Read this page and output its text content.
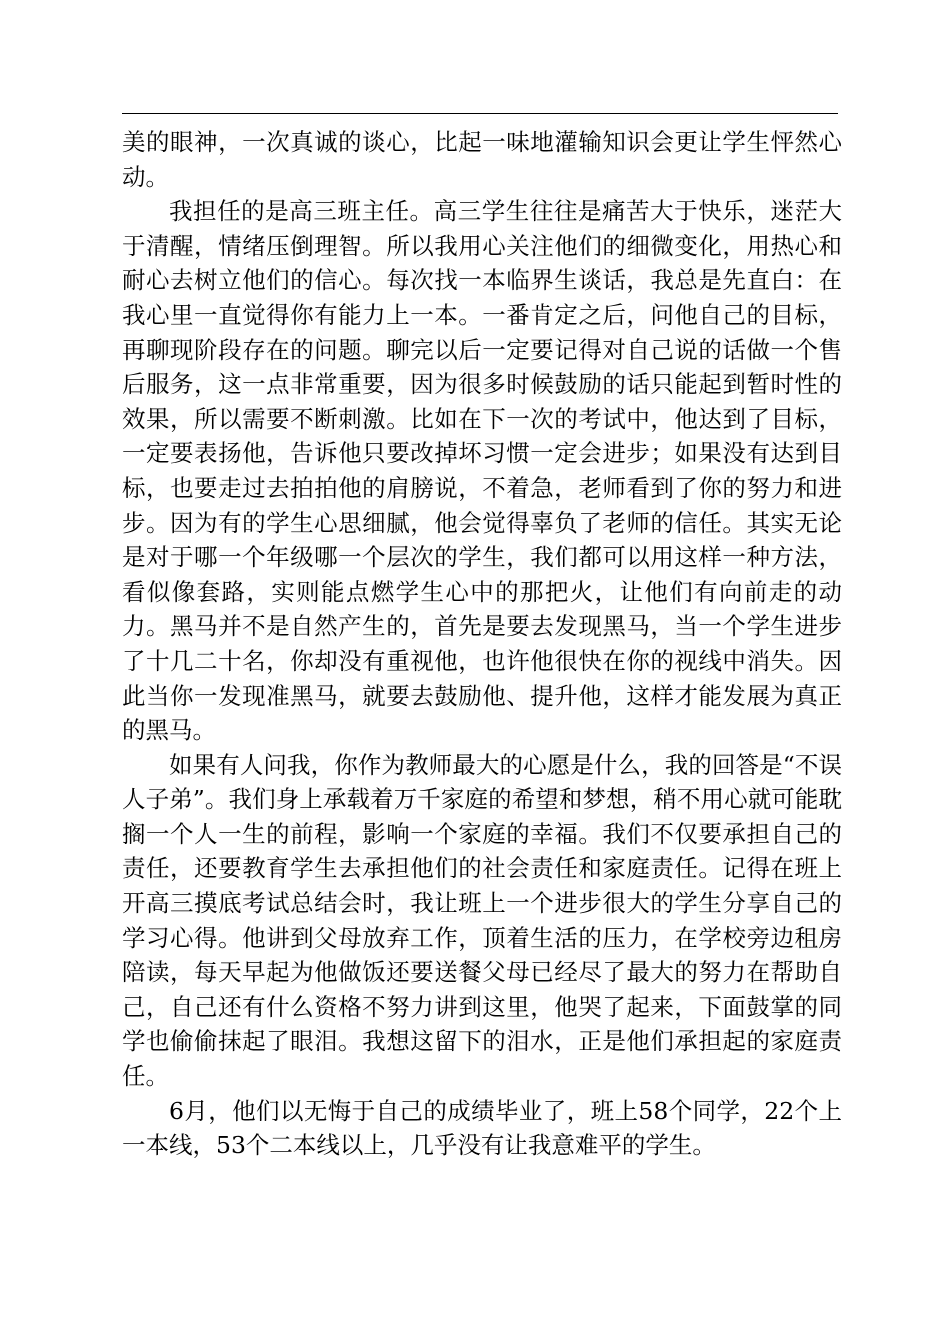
美的眼神，一次真诚的谈心，比起一味地灌输知识会更让学生怦然心动。

我担任的是高三班主任。高三学生往往是痛苦大于快乐，迷茫大于清醒，情绪压倒理智。所以我用心关注他们的细微变化，用热心和耐心去树立他们的信心。每次找一本临界生谈话，我总是先直白：在我心里一直觉得你有能力上一本。一番肯定之后，问他自己的目标，再聊现阶段存在的问题。聊完以后一定要记得对自己说的话做一个售后服务，这一点非常重要，因为很多时候鼓励的话只能起到暂时性的效果，所以需要不断刺激。比如在下一次的考试中，他达到了目标，一定要表扬他，告诉他只要改掉坏习惯一定会进步；如果没有达到目标，也要走过去拍拍他的肩膀说，不着急，老师看到了你的努力和进步。因为有的学生心思细腻，他会觉得辜负了老师的信任。其实无论是对于哪一个年级哪一个层次的学生，我们都可以用这样一种方法，看似像套路，实则能点燃学生心中的那把火，让他们有向前走的动力。黑马并不是自然产生的，首先是要去发现黑马，当一个学生进步了十几二十名，你却没有重视他，也许他很快在你的视线中消失。因此当你一发现准黑马，就要去鼓励他、提升他，这样才能发展为真正的黑马。

如果有人问我，你作为教师最大的心愿是什么，我的回答是“不误人子弟”。我们身上承载着万千家庭的希望和梦想，稍不用心就可能耽搁一个人一生的前程，影响一个家庭的幸福。我们不仅要承担自己的责任，还要教育学生去承担他们的社会责任和家庭责任。记得在班上开高三摸底考试总结会时，我让班上一个进步很大的学生分享自己的学习心得。他讲到父母放弃工作，顶着生活的压力，在学校旁边租房陪读，每天早起为他做饭还要送餐父母已经尽了最大的努力在帮助自己，自己还有什么资格不努力讲到这里，他哭了起来，下面鼓掌的同学也偷偷抹起了眼泪。我想这留下的泪水，正是他们承担起的家庭责任。

6月，他们以无悔于自己的成绩毕业了，班上58个同学，22个上一本线，53个二本线以上，几乎没有让我意难平的学生。
